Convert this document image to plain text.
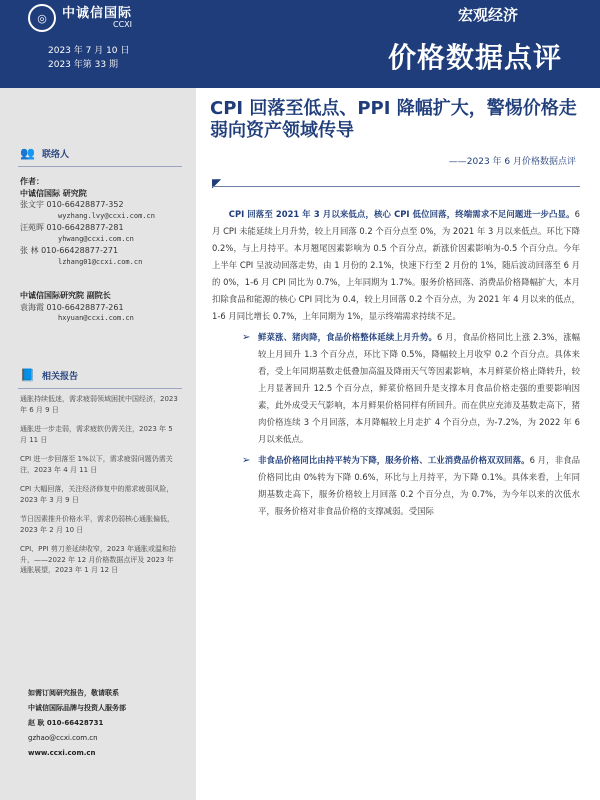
◎	中诚信国际
CCXI
2023 年 7 月 10 日
2023 年第 33 期
宏观经济
价格数据点评
👥 联络人
作者：
中诚信国际 研究院
张文宇 010-66428877-352
wyzhang.lvy@ccxi.com.cn
汪苑晖 010-66428877-281
yhwang@ccxi.com.cn
张 林 010-66428877-271
lzhang01@ccxi.com.cn
中诚信国际研究院 副院长
袁海霞 010-66428877-261
hxyuan@ccxi.com.cn
📘 相关报告
通胀持续低迷，需求疲弱领域困扰中国经济，2023 年 6 月 9 日
通胀进一步走弱，需求疲软仍需关注，2023 年 5 月 11 日
CPI 进一步回落至 1%以下，需求疲弱问题仍需关注，2023 年 4 月 11 日
CPI 大幅回落，关注经济修复中的需求疲弱风险，2023 年 3 月 9 日
节日因素推升价格水平，需求仍弱核心通胀偏低，2023 年 2 月 10 日
CPI、PPI 剪刀差延续收窄，2023 年通胀或温和抬升，——2022 年 12 月价格数据点评及 2023 年通胀展望，2023 年 1 月 12 日
如需订阅研究报告，敬请联系
中诚信国际品牌与投资人服务部
赵 耿 010-66428731
gzhao@ccxi.com.cn
www.ccxi.com.cn
CPI 回落至低点、PPI 降幅扩大，警惕价格走弱向资产领域传导
——2023 年 6 月价格数据点评
◤

CPI 回落至 2021 年 3 月以来低点，核心 CPI 低位回落，终端需求不足问题进一步凸显。6 月 CPI 未能延续上月升势，较上月回落 0.2 个百分点至 0%，为 2021 年 3 月以来低点。环比下降 0.2%，与上月持平。本月翘尾因素影响为 0.5 个百分点，新涨价因素影响为-0.5 个百分点。今年上半年 CPI 呈波动回落走势，由 1 月份的 2.1%，快速下行至 2 月份的 1%，随后波动回落至 6 月的 0%，1-6 月 CPI 同比为 0.7%，上年同期为 1.7%。服务价格回落、消费品价格降幅扩大，本月扣除食品和能源的核心 CPI 同比为 0.4，较上月回落 0.2 个百分点，为 2021 年 4 月以来的低点，1-6 月同比增长 0.7%，上年同期为 1%，显示终端需求持续不足。

➢ 鲜菜涨、猪肉降，食品价格整体延续上月升势。6 月，食品价格同比上涨 2.3%，涨幅较上月回升 1.3 个百分点，环比下降 0.5%，降幅较上月收窄 0.2 个百分点。具体来看，受上年同期基数走低叠加高温及降雨天气等因素影响，本月鲜菜价格止降转升，较上月显著回升 12.5 个百分点，鲜菜价格回升是支撑本月食品价格走强的重要影响因素，此外成受天气影响，本月鲜果价格同样有所回升。而在供应充沛及基数走高下，猪肉价格连续 3 个月回落，本月降幅较上月走扩 4 个百分点，为-7.2%，为 2022 年 6 月以来低点。
➢ 非食品价格同比由持平转为下降，服务价格、工业消费品价格双双回落。6 月，非食品价格同比由 0%转为下降 0.6%，环比与上月持平，为下降 0.1%。具体来看，上年同期基数走高下，服务价格较上月回落 0.2 个百分点，为 0.7%，为今年以来的次低水平，服务价格对非食品价格的支撑减弱。受国际
